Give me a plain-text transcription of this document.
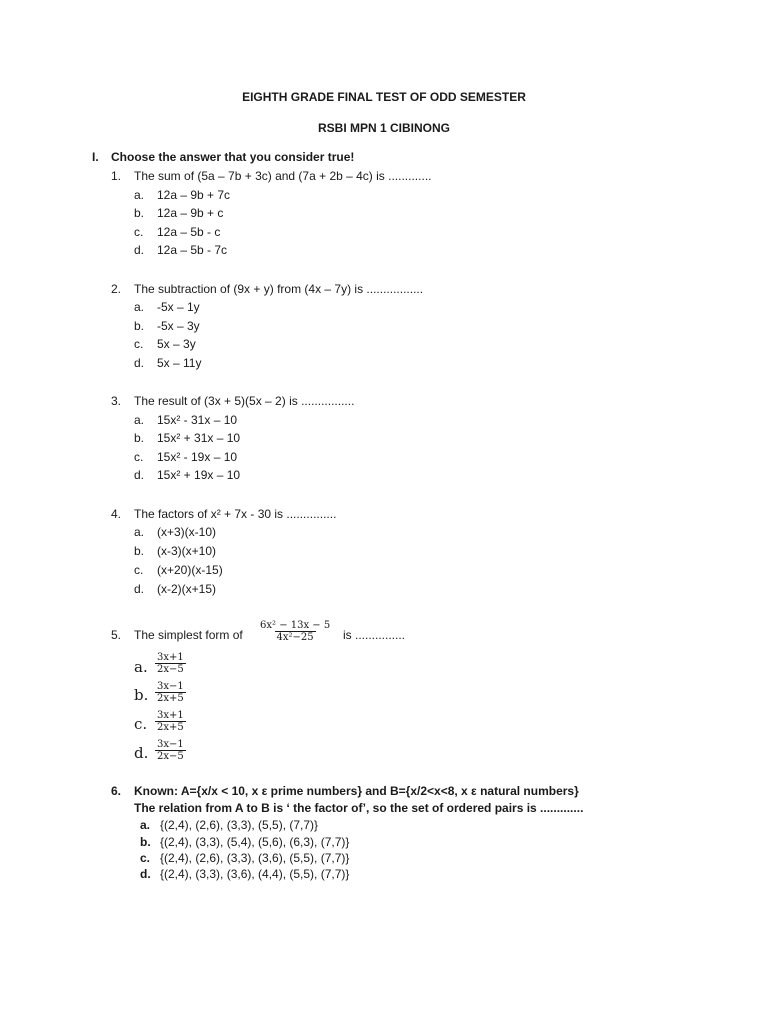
EIGHTH GRADE FINAL TEST OF ODD SEMESTER
RSBI MPN 1 CIBINONG
I. Choose the answer that you consider true!
1. The sum of (5a – 7b + 3c) and (7a + 2b – 4c) is .............
a. 12a – 9b + 7c
b. 12a – 9b + c
c. 12a – 5b - c
d. 12a – 5b - 7c
2. The subtraction of (9x + y) from (4x – 7y) is .................
a. -5x – 1y
b. -5x – 3y
c. 5x – 3y
d. 5x – 11y
3. The result of (3x + 5)(5x – 2) is ................
a. 15x² - 31x – 10
b. 15x² + 31x – 10
c. 15x² - 19x – 10
d. 15x² + 19x – 10
4. The factors of x² + 7x - 30 is ...............
a. (x+3)(x-10)
b. (x-3)(x+10)
c. (x+20)(x-15)
d. (x-2)(x+15)
5. The simplest form of $\frac{\text{6x² − 13x − 5}}{\text{4x²−25}}$ is ...............
a. $\frac{3x+1}{2x-5}$
b. $\frac{3x-1}{2x+5}$
c. $\frac{3x+1}{2x+5}$
d. $\frac{3x-1}{2x-5}$
6. Known: A={x/x < 10, x ε prime numbers} and B={x/2<x<8, x ε natural numbers}
The relation from A to B is ‘ the factor of’, so the set of ordered pairs is .............
a. {(2,4), (2,6), (3,3), (5,5), (7,7)}
b. {(2,4), (3,3), (5,4), (5,6), (6,3), (7,7)}
c. {(2,4), (2,6), (3,3), (3,6), (5,5), (7,7)}
d. {(2,4), (3,3), (3,6), (4,4), (5,5), (7,7)}
